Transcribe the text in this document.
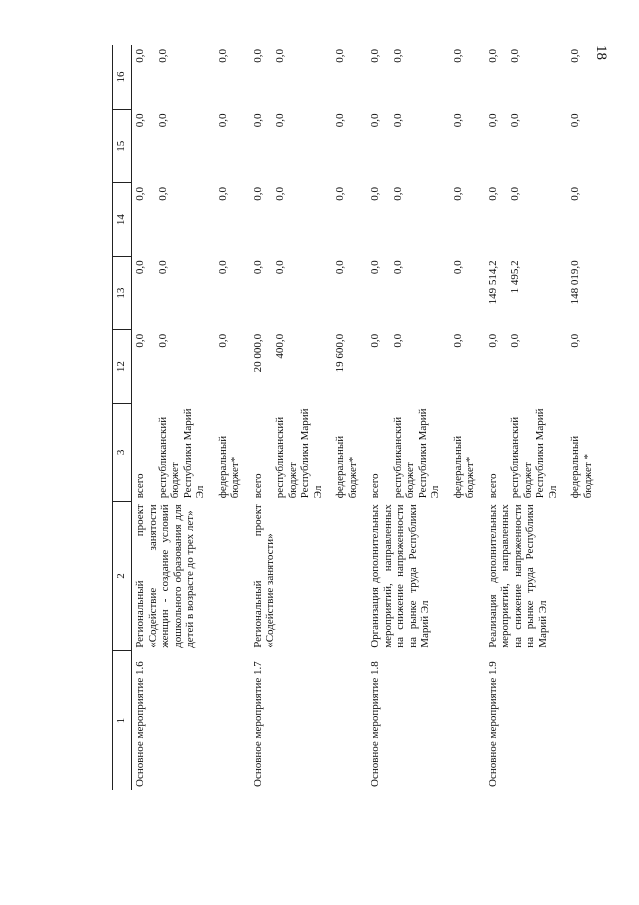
18
1	2	3	12	13	14	15	16
Основное мероприятие 1.6	Региональный проект «Содействие занятости женщин - создание условий дошкольного образования для детей в возрасте до трех лет»	всего	0,0	0,0	0,0	0,0	0,0
		республиканский бюджет Республики Марий Эл	0,0	0,0	0,0	0,0	0,0
		федеральный бюджет*	0,0	0,0	0,0	0,0	0,0
Основное мероприятие 1.7	Региональный проект «Содействие занятости»	всего	20 000,0	0,0	0,0	0,0	0,0
		республиканский бюджет Республики Марий Эл	400,0	0,0	0,0	0,0	0,0
		федеральный бюджет*	19 600,0	0,0	0,0	0,0	0,0
Основное мероприятие 1.8	Организация дополнительных мероприятий, направленных на снижение напряженности на рынке труда Республики Марий Эл	всего	0,0	0,0	0,0	0,0	0,0
		республиканский бюджет Республики Марий Эл	0,0	0,0	0,0	0,0	0,0
		федеральный бюджет*	0,0	0,0	0,0	0,0	0,0
Основное мероприятие 1.9	Реализация дополнительных мероприятий, направленных на снижение напряженности на рынке труда Республики Марий Эл	всего	0,0	149 514,2	0,0	0,0	0,0
		республиканский бюджет Республики Марий Эл	0,0	1 495,2	0,0	0,0	0,0
		федеральный бюджет *	0,0	148 019,0	0,0	0,0	0,0
